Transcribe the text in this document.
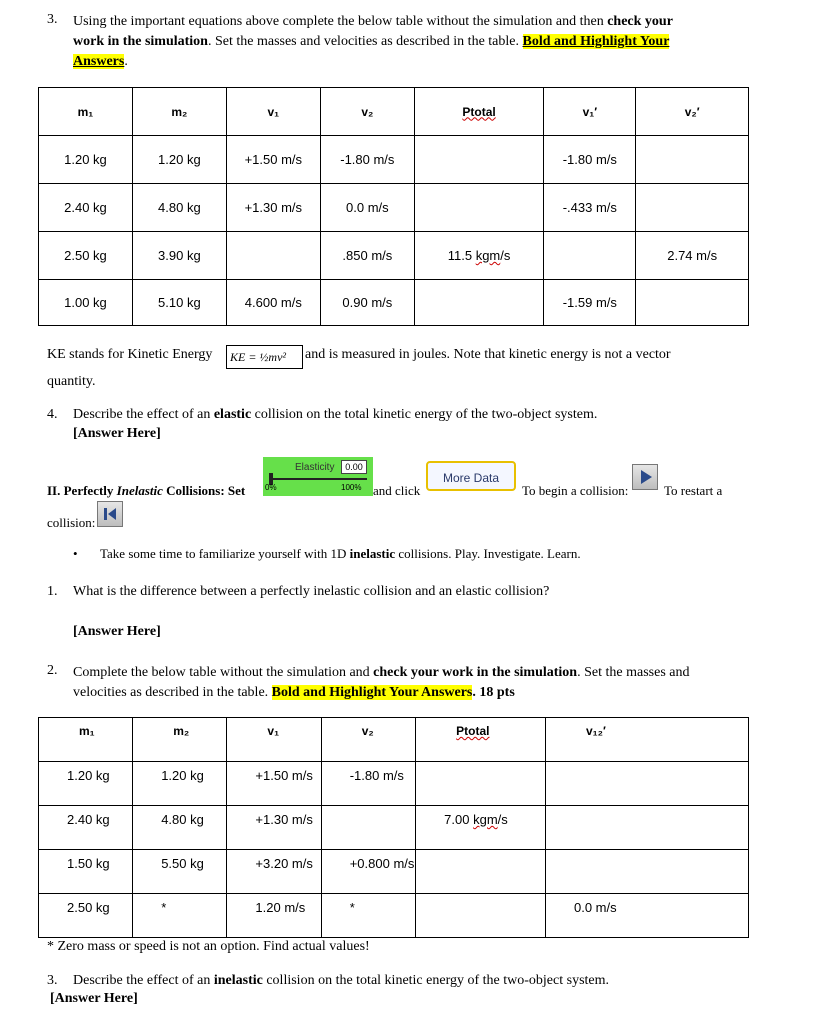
3. Using the important equations above complete the below table without the simulation and then check your
work in the simulation. Set the masses and velocities as described in the table. Bold and Highlight Your
Answers.
m₁	m₂	v₁	v₂	Ptotal	v₁′	v₂′
1.20 kg	1.20 kg	+1.50 m/s	-1.80 m/s		-1.80 m/s	
2.40 kg	4.80 kg	+1.30 m/s	0.0 m/s		-.433 m/s	
2.50 kg	3.90 kg		.850 m/s	11.5 kgm/s		2.74 m/s
1.00 kg	5.10 kg	4.600 m/s	0.90 m/s		-1.59 m/s	
KE stands for Kinetic Energy	KE = ½mv²	and is measured in joules. Note that kinetic energy is not a vector
quantity.
4. Describe the effect of an elastic collision on the total kinetic energy of the two-object system.
[Answer Here]
II. Perfectly Inelastic Collisions: Set
Elasticity	0.00
0%	100% and click
More Data
To begin a collision:	To restart a
collision:
• Take some time to familiarize yourself with 1D inelastic collisions. Play. Investigate. Learn.
1. What is the difference between a perfectly inelastic collision and an elastic collision?
[Answer Here]
2. Complete the below table without the simulation and check your work in the simulation. Set the masses and
velocities as described in the table. Bold and Highlight Your Answers. 18 pts
m₁	m₂	v₁	v₂	Ptotal	v₁₂′
1.20 kg	1.20 kg	+1.50 m/s	-1.80 m/s		
2.40 kg	4.80 kg	+1.30 m/s		7.00 kgm/s	
1.50 kg	5.50 kg	+3.20 m/s	+0.800 m/s		
2.50 kg	*	1.20 m/s	*		0.0 m/s
* Zero mass or speed is not an option. Find actual values!
3. Describe the effect of an inelastic collision on the total kinetic energy of the two-object system.
[Answer Here]
